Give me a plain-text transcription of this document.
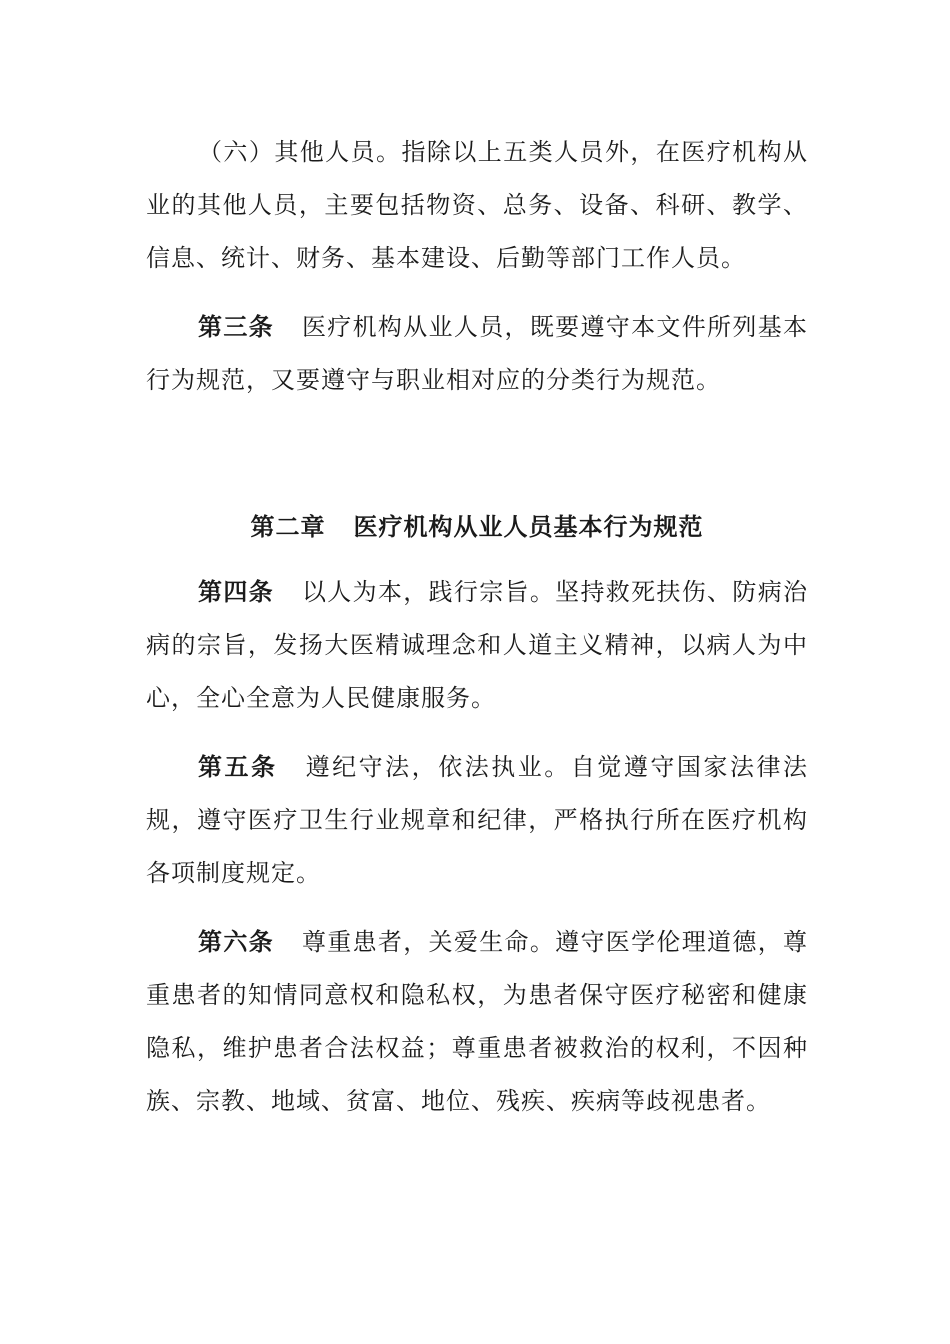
（六）其他人员。指除以上五类人员外，在医疗机构从业的其他人员，主要包括物资、总务、设备、科研、教学、信息、统计、财务、基本建设、后勤等部门工作人员。

第三条 医疗机构从业人员，既要遵守本文件所列基本行为规范，又要遵守与职业相对应的分类行为规范。

第二章 医疗机构从业人员基本行为规范

第四条 以人为本，践行宗旨。坚持救死扶伤、防病治病的宗旨，发扬大医精诚理念和人道主义精神，以病人为中心，全心全意为人民健康服务。

第五条 遵纪守法，依法执业。自觉遵守国家法律法规，遵守医疗卫生行业规章和纪律，严格执行所在医疗机构各项制度规定。

第六条 尊重患者，关爱生命。遵守医学伦理道德，尊重患者的知情同意权和隐私权，为患者保守医疗秘密和健康隐私，维护患者合法权益；尊重患者被救治的权利，不因种族、宗教、地域、贫富、地位、残疾、疾病等歧视患者。
